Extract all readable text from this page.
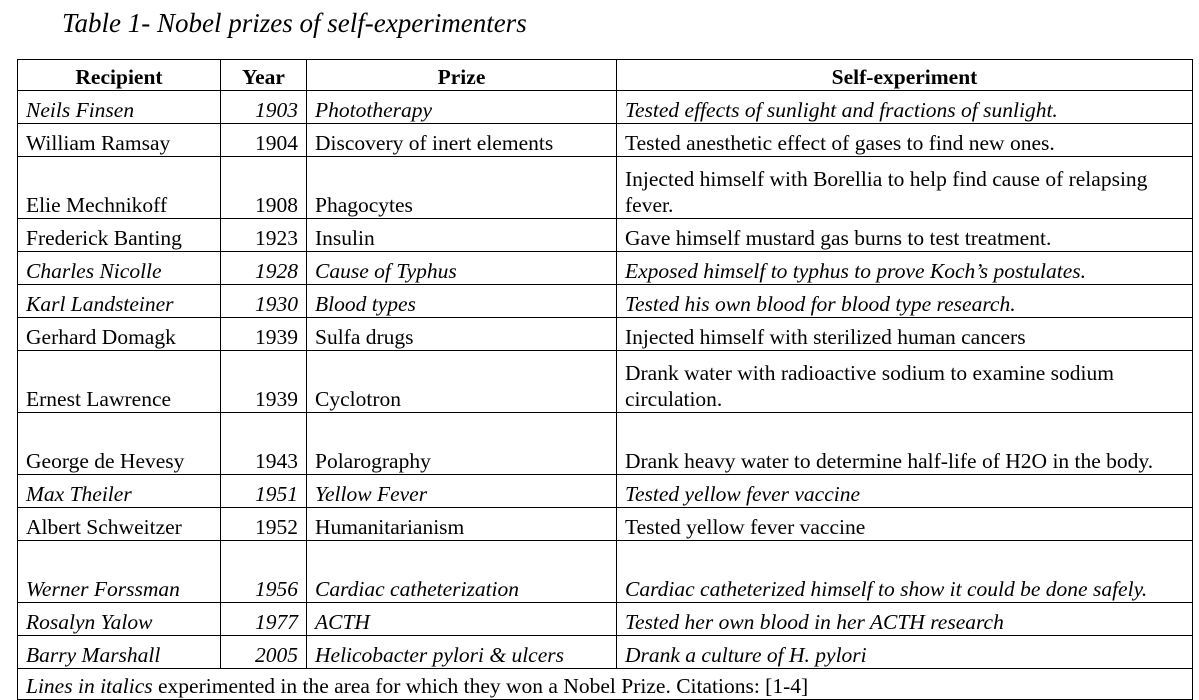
Table 1- Nobel prizes of self-experimenters
Recipient	Year	Prize	Self-experiment
Neils Finsen	1903	Phototherapy	Tested effects of sunlight and fractions of sunlight.
William Ramsay	1904	Discovery of inert elements	Tested anesthetic effect of gases to find new ones.
Elie Mechnikoff	1908	Phagocytes	Injected himself with Borellia to help find cause of relapsing fever.
Frederick Banting	1923	Insulin	Gave himself mustard gas burns to test treatment.
Charles Nicolle	1928	Cause of Typhus	Exposed himself to typhus to prove Koch’s postulates.
Karl Landsteiner	1930	Blood types	Tested his own blood for blood type research.
Gerhard Domagk	1939	Sulfa drugs	Injected himself with sterilized human cancers
Ernest Lawrence	1939	Cyclotron	Drank water with radioactive sodium to examine sodium circulation.
George de Hevesy	1943	Polarography	Drank heavy water to determine half-life of H2O in the body.
Max Theiler	1951	Yellow Fever	Tested yellow fever vaccine
Albert Schweitzer	1952	Humanitarianism	Tested yellow fever vaccine
Werner Forssman	1956	Cardiac catheterization	Cardiac catheterized himself to show it could be done safely.
Rosalyn Yalow	1977	ACTH	Tested her own blood in her ACTH research
Barry Marshall	2005	Helicobacter pylori & ulcers	Drank a culture of H. pylori
Lines in italics experimented in the area for which they won a Nobel Prize. Citations: [1-4]			
